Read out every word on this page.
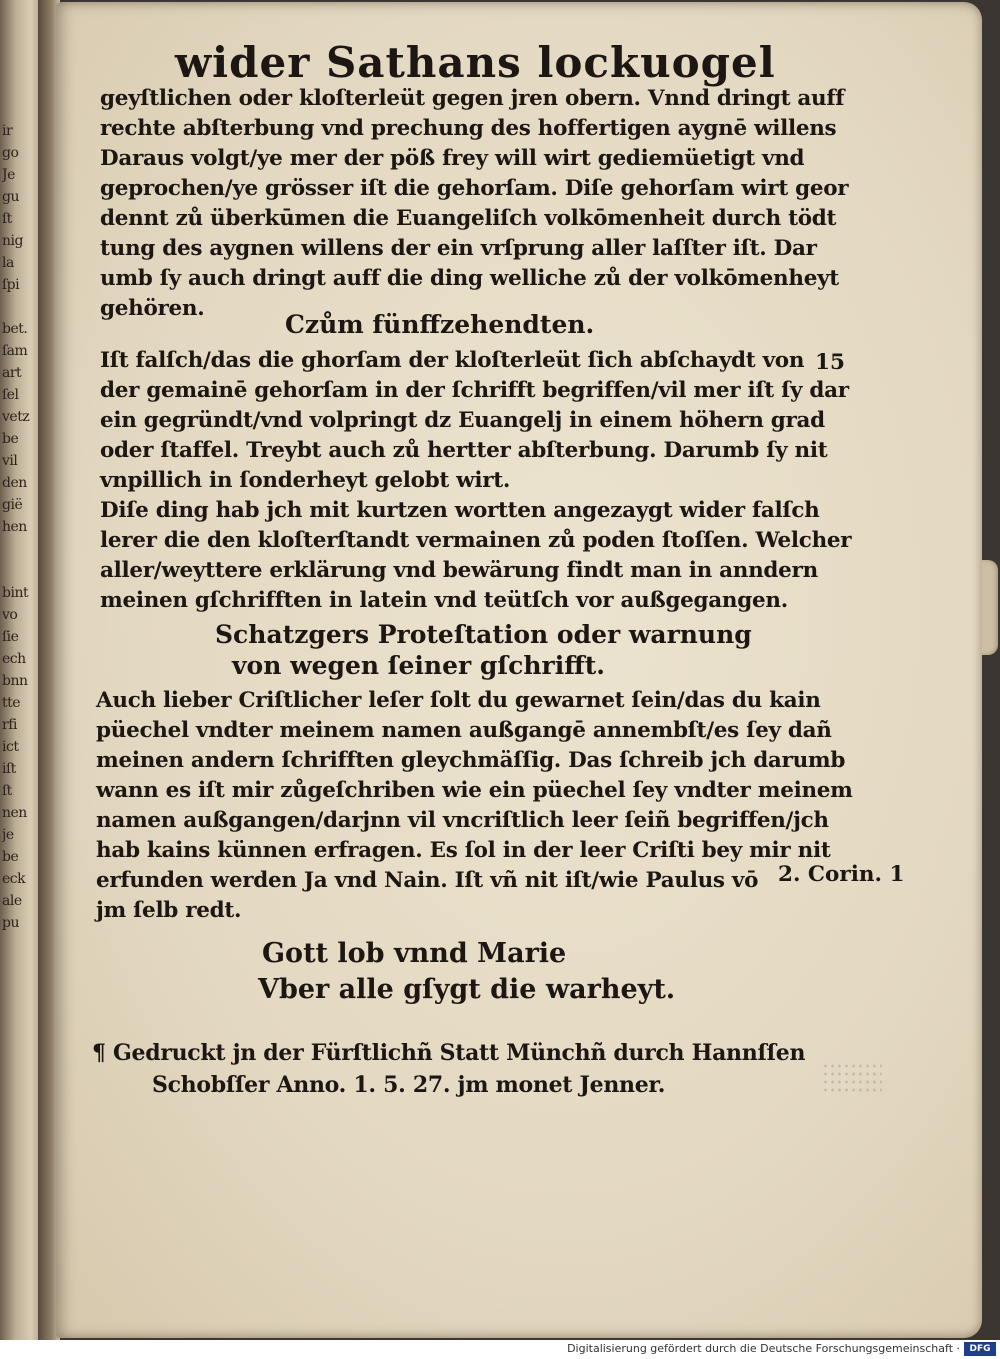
ir
go
Je
gu
ſt
nig
la
ſpi
bet.
ſam
art
ſel
vetz
be
vil
den
gië
hen
bint
vo
ſie
ech
bnn
tte
rfi
ict
iſt
ſt
nen
je
be
eck
ale
pu
wider Sathans lockuogel
geyſtlichen oder kloſterleüt gegen jren obern. Vnnd dringt auff
rechte abſterbung vnd prechung des hoffertigen aygnē willens
Daraus volgt/ye mer der pöß frey will wirt gediemüetigt vnd
geprochen/ye grösser iſt die gehorſam. Diſe gehorſam wirt geor
dennt zů überkūmen die Euangeliſch volkōmenheit durch tödt
tung des aygnen willens der ein vrſprung aller laſſter iſt. Dar
umb ſy auch dringt auff die ding welliche zů der volkōmenheyt
gehören.
Czům fünffzehendten.
15
Iſt falſch/das die ghorſam der kloſterleüt ſich abſchaydt von
der gemainē gehorſam in der ſchrifft begriffen/vil mer iſt ſy dar
ein gegründt/vnd volpringt dz Euangelj in einem höhern grad
oder ſtaffel. Treybt auch zů hertter abſterbung. Darumb ſy nit
vnpillich in ſonderheyt gelobt wirt.
Diſe ding hab jch mit kurtzen wortten angezaygt wider falſch
lerer die den kloſterſtandt vermainen zů poden ſtoſſen. Welcher
aller/weyttere erklärung vnd bewärung findt man in anndern
meinen gſchrifften in latein vnd teütſch vor außgegangen.
Schatzgers Proteſtation oder warnung
von wegen ſeiner gſchrifft.
Auch lieber Criſtlicher leſer ſolt du gewarnet ſein/das du kain
püechel vndter meinem namen außgangē annembſt/es ſey dañ
meinen andern ſchrifften gleychmäſſig. Das ſchreib jch darumb
wann es iſt mir zůgeſchriben wie ein püechel ſey vndter meinem
namen außgangen/darjnn vil vncriſtlich leer ſeiñ begriffen/jch
hab kains künnen erfragen. Es ſol in der leer Criſti bey mir nit
erfunden werden Ja vnd Nain. Iſt vñ nit iſt/wie Paulus vō
jm ſelb redt.
2. Corin. 1
Gott lob vnnd Marie
Vber alle gſygt die warheyt.
¶ Gedruckt jn der Fürſtlichñ Statt Münchñ durch Hannſſen
Schobſſer Anno. 1. 5. 27. jm monet Jenner.
Digitalisierung gefördert durch die Deutsche Forschungsgemeinschaft ·	DFG
